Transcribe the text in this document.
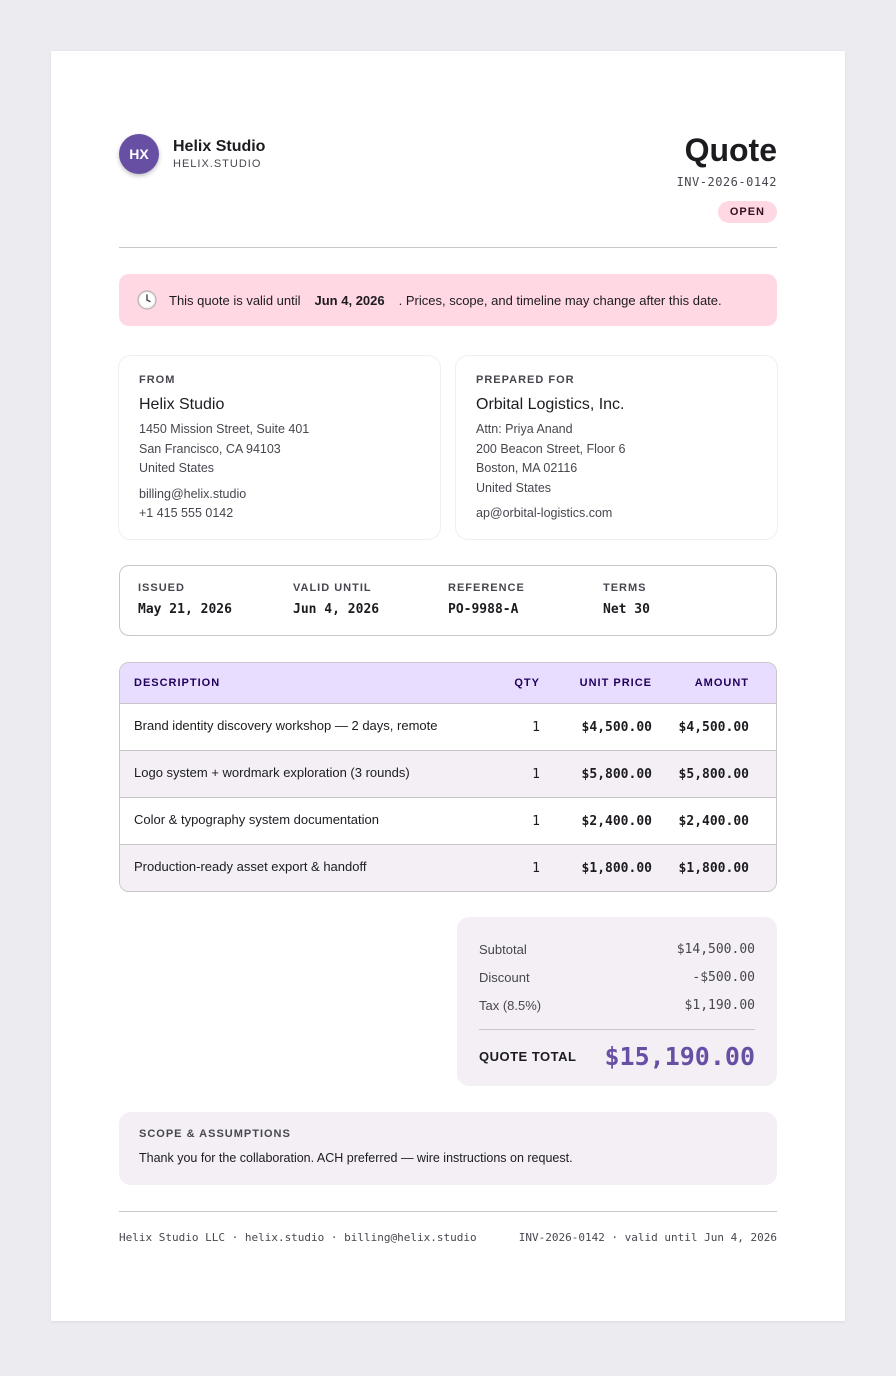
HX	Helix Studio
HELIX.STUDIO	Quote
INV-2026-0142
OPEN
This quote is valid until Jun 4, 2026 . Prices, scope, and timeline may change after this date.
FROM
Helix Studio
1450 Mission Street, Suite 401
San Francisco, CA 94103
United States
billing@helix.studio
+1 415 555 0142
PREPARED FOR
Orbital Logistics, Inc.
Attn: Priya Anand
200 Beacon Street, Floor 6
Boston, MA 02116
United States
ap@orbital-logistics.com
ISSUED
May 21, 2026
VALID UNTIL
Jun 4, 2026
REFERENCE
PO-9988-A
TERMS
Net 30
DESCRIPTION	QTY	UNIT PRICE	AMOUNT
Brand identity discovery workshop — 2 days, remote	1	$4,500.00	$4,500.00
Logo system + wordmark exploration (3 rounds)	1	$5,800.00	$5,800.00
Color & typography system documentation	1	$2,400.00	$2,400.00
Production-ready asset export & handoff	1	$1,800.00	$1,800.00
Subtotal	$14,500.00
Discount	-$500.00
Tax (8.5%)	$1,190.00
QUOTE TOTAL $15,190.00
SCOPE & ASSUMPTIONS
Thank you for the collaboration. ACH preferred — wire instructions on request.
Helix Studio LLC · helix.studio · billing@helix.studio	INV-2026-0142 · valid until Jun 4, 2026
